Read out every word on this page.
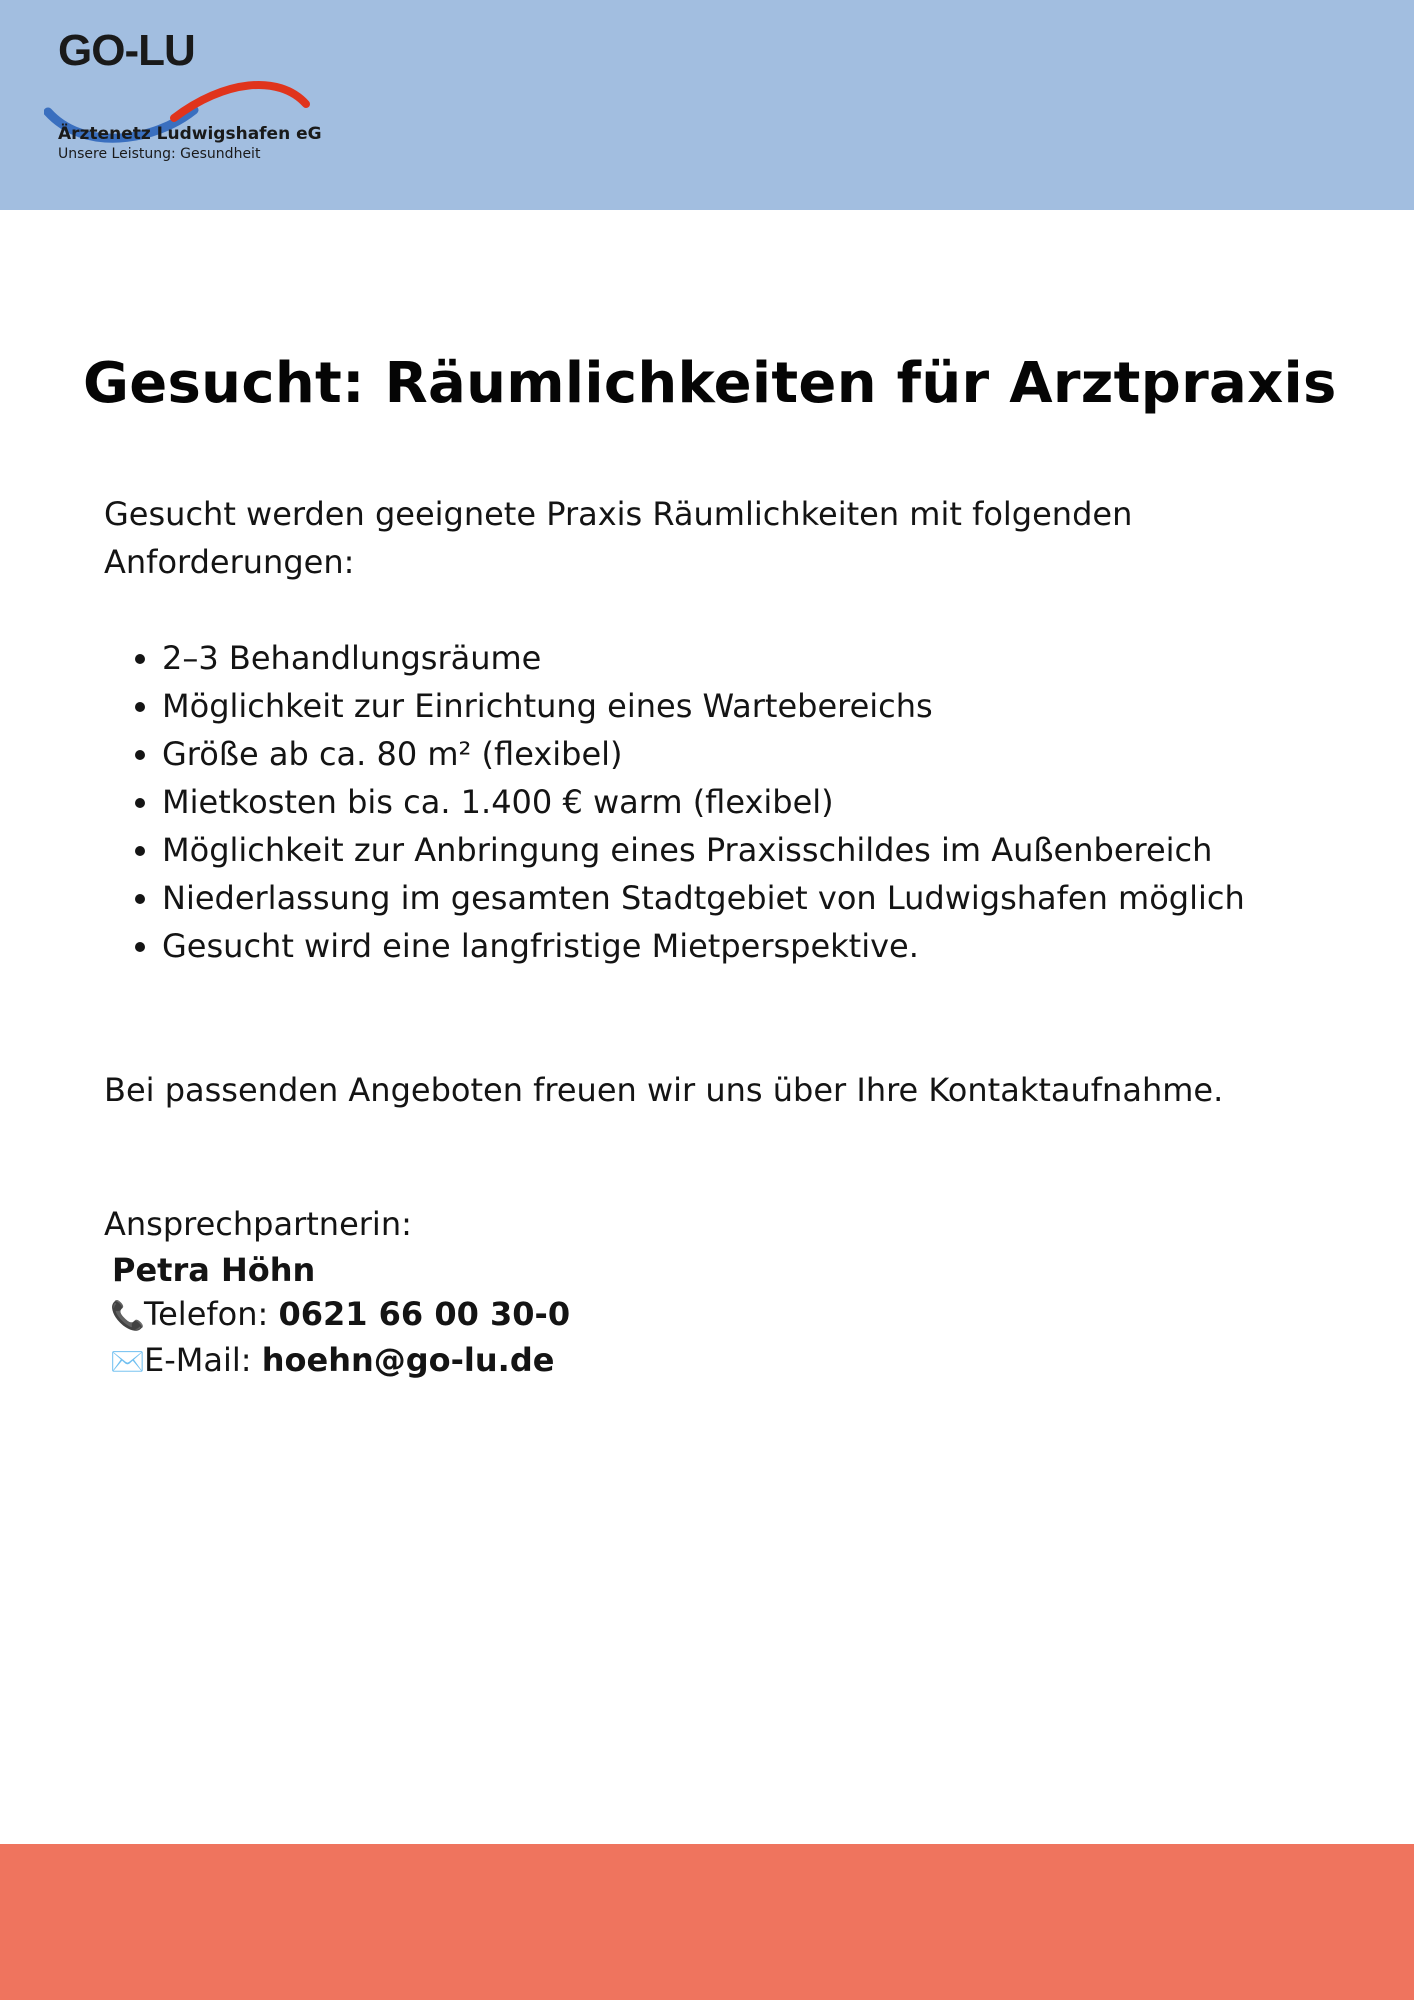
GO-LU
Ärztenetz Ludwigshafen eG
Unsere Leistung: Gesundheit
Gesucht: Räumlichkeiten für Arztpraxis

Gesucht werden geeignete Praxis Räumlichkeiten mit folgenden Anforderungen:

• 2–3 Behandlungsräume
• Möglichkeit zur Einrichtung eines Wartebereichs
• Größe ab ca. 80 m² (flexibel)
• Mietkosten bis ca. 1.400 € warm (flexibel)
• Möglichkeit zur Anbringung eines Praxisschildes im Außenbereich
• Niederlassung im gesamten Stadtgebiet von Ludwigshafen möglich
• Gesucht wird eine langfristige Mietperspektive.

Bei passenden Angeboten freuen wir uns über Ihre Kontaktaufnahme.

Ansprechpartnerin:
Petra Höhn
📞Telefon: 0621 66 00 30-0
✉️E-Mail: hoehn@go-lu.de
